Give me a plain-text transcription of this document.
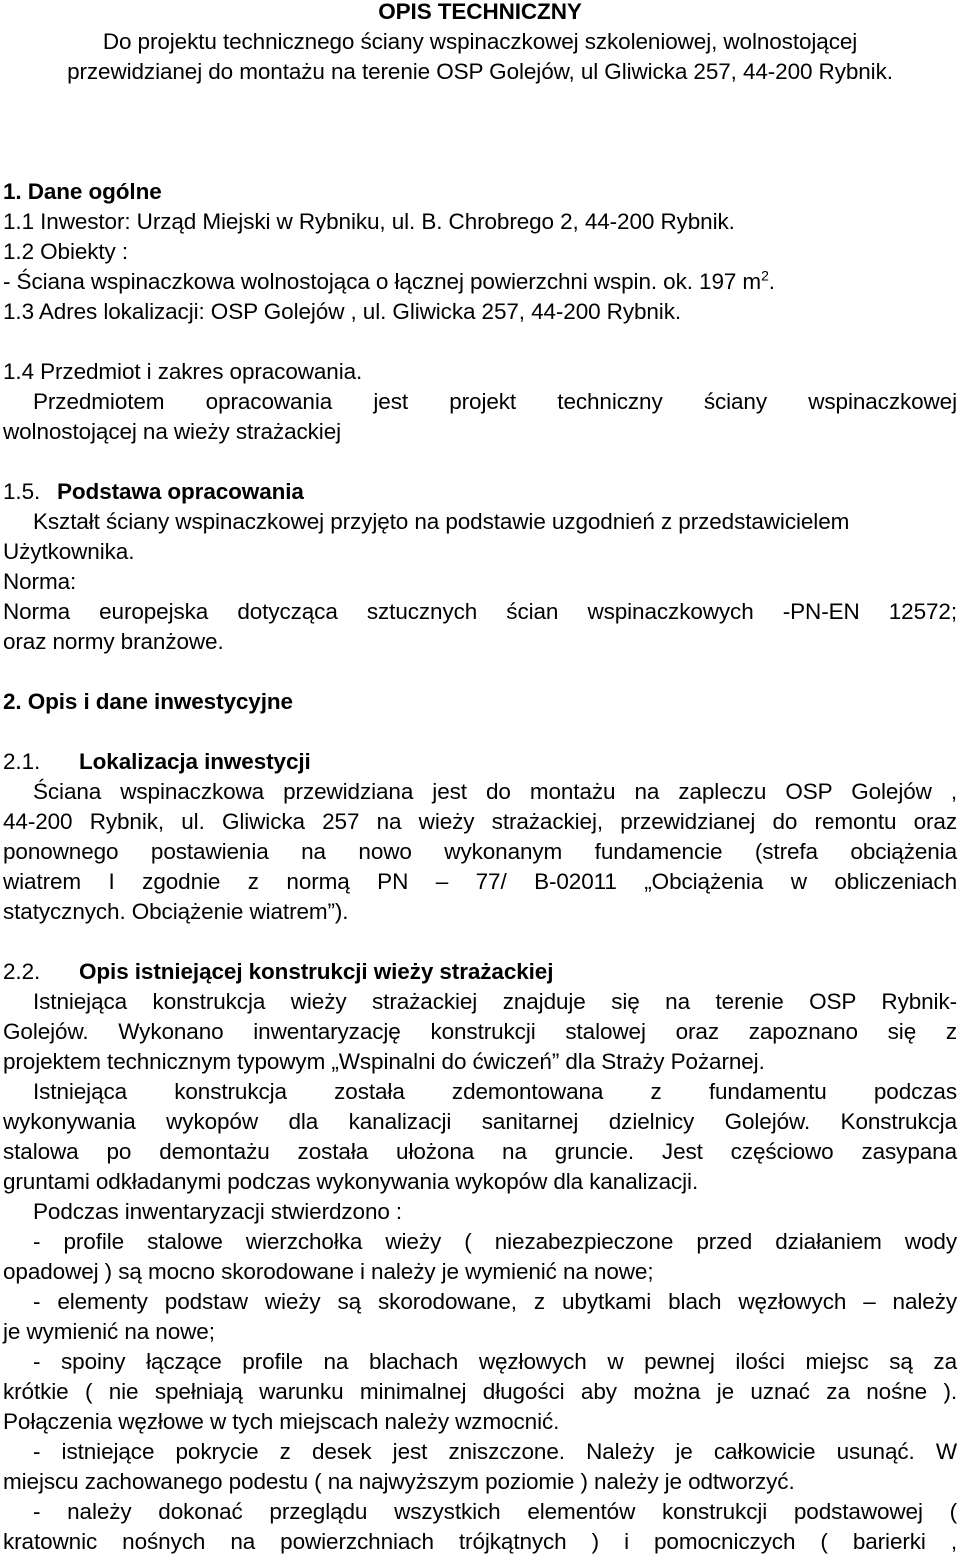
OPIS TECHNICZNY
Do projektu technicznego ściany wspinaczkowej szkoleniowej, wolnostojącej
przewidzianej do montażu na terenie OSP Golejów, ul Gliwicka 257, 44-200 Rybnik.
1. Dane ogólne
1.1 Inwestor: Urząd Miejski w Rybniku, ul. B. Chrobrego 2, 44-200 Rybnik.
1.2 Obiekty :
- Ściana wspinaczkowa wolnostojąca o łącznej powierzchni wspin. ok. 197 $m^2$.
1.3 Adres lokalizacji: OSP Golejów , ul. Gliwicka 257, 44-200 Rybnik.
1.4 Przedmiot i zakres opracowania.
Przedmiotem opracowania jest projekt techniczny ściany wspinaczkowej
wolnostojącej na wieży strażackiej
1.5. Podstawa opracowania
Kształt ściany wspinaczkowej przyjęto na podstawie uzgodnień z przedstawicielem
Użytkownika.
Norma:
Norma europejska dotycząca sztucznych ścian wspinaczkowych -PN-EN 12572;
oraz normy branżowe.
2. Opis i dane inwestycyjne
2.1. Lokalizacja inwestycji
Ściana wspinaczkowa przewidziana jest do montażu na zapleczu OSP Golejów ,
44-200 Rybnik, ul. Gliwicka 257 na wieży strażackiej, przewidzianej do remontu oraz
ponownego postawienia na nowo wykonanym fundamencie (strefa obciążenia
wiatrem I zgodnie z normą PN – 77/ B-02011 „Obciążenia w obliczeniach
statycznych. Obciążenie wiatrem”).
2.2. Opis istniejącej konstrukcji wieży strażackiej
Istniejąca konstrukcja wieży strażackiej znajduje się na terenie OSP Rybnik-
Golejów. Wykonano inwentaryzację konstrukcji stalowej oraz zapoznano się z
projektem technicznym typowym „Wspinalni do ćwiczeń” dla Straży Pożarnej.
Istniejąca konstrukcja została zdemontowana z fundamentu podczas
wykonywania wykopów dla kanalizacji sanitarnej dzielnicy Golejów. Konstrukcja
stalowa po demontażu została ułożona na gruncie. Jest częściowo zasypana
gruntami odkładanymi podczas wykonywania wykopów dla kanalizacji.
Podczas inwentaryzacji stwierdzono :
- profile stalowe wierzchołka wieży ( niezabezpieczone przed działaniem wody
opadowej ) są mocno skorodowane i należy je wymienić na nowe;
- elementy podstaw wieży są skorodowane, z ubytkami blach węzłowych – należy
je wymienić na nowe;
- spoiny łączące profile na blachach węzłowych w pewnej ilości miejsc są za
krótkie ( nie spełniają warunku minimalnej długości aby można je uznać za nośne ).
Połączenia węzłowe w tych miejscach należy wzmocnić.
- istniejące pokrycie z desek jest zniszczone. Należy je całkowicie usunąć. W
miejscu zachowanego podestu ( na najwyższym poziomie ) należy je odtworzyć.
- należy dokonać przeglądu wszystkich elementów konstrukcji podstawowej (
kratownic nośnych na powierzchniach trójkątnych ) i pomocniczych ( barierki ,
